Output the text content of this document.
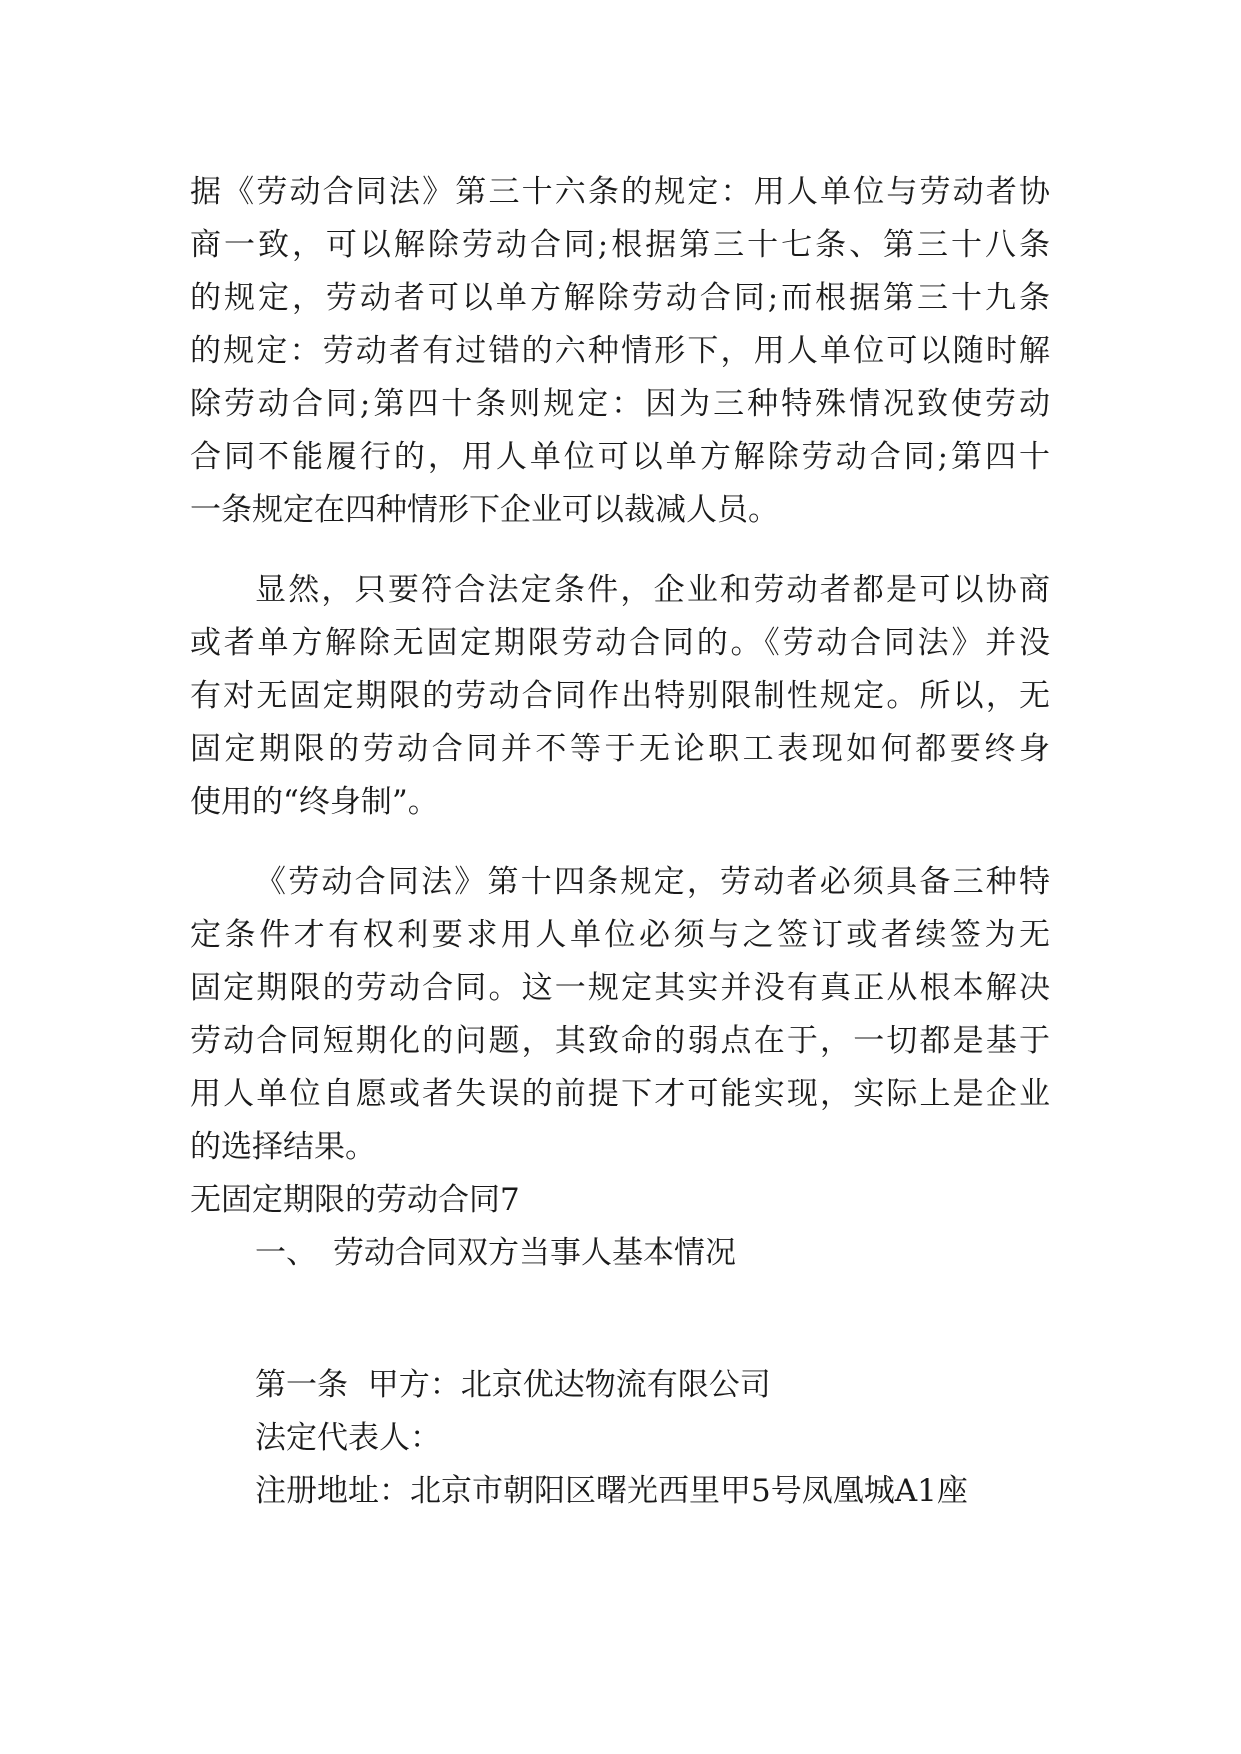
据《劳动合同法》第三十六条的规定：用人单位与劳动者协
商一致，可以解除劳动合同;根据第三十七条、第三十八条
的规定，劳动者可以单方解除劳动合同;而根据第三十九条
的规定：劳动者有过错的六种情形下，用人单位可以随时解
除劳动合同;第四十条则规定：因为三种特殊情况致使劳动
合同不能履行的，用人单位可以单方解除劳动合同;第四十
一条规定在四种情形下企业可以裁减人员。
显然，只要符合法定条件，企业和劳动者都是可以协商
或者单方解除无固定期限劳动合同的。《劳动合同法》并没
有对无固定期限的劳动合同作出特别限制性规定。所以，无
固定期限的劳动合同并不等于无论职工表现如何都要终身
使用的“终身制”。
《劳动合同法》第十四条规定，劳动者必须具备三种特
定条件才有权利要求用人单位必须与之签订或者续签为无
固定期限的劳动合同。这一规定其实并没有真正从根本解决
劳动合同短期化的问题，其致命的弱点在于，一切都是基于
用人单位自愿或者失误的前提下才可能实现，实际上是企业
的选择结果。
无固定期限的劳动合同7
一、 劳动合同双方当事人基本情况
第一条  甲方：北京优达物流有限公司
法定代表人：
注册地址：北京市朝阳区曙光西里甲5号凤凰城A1座
